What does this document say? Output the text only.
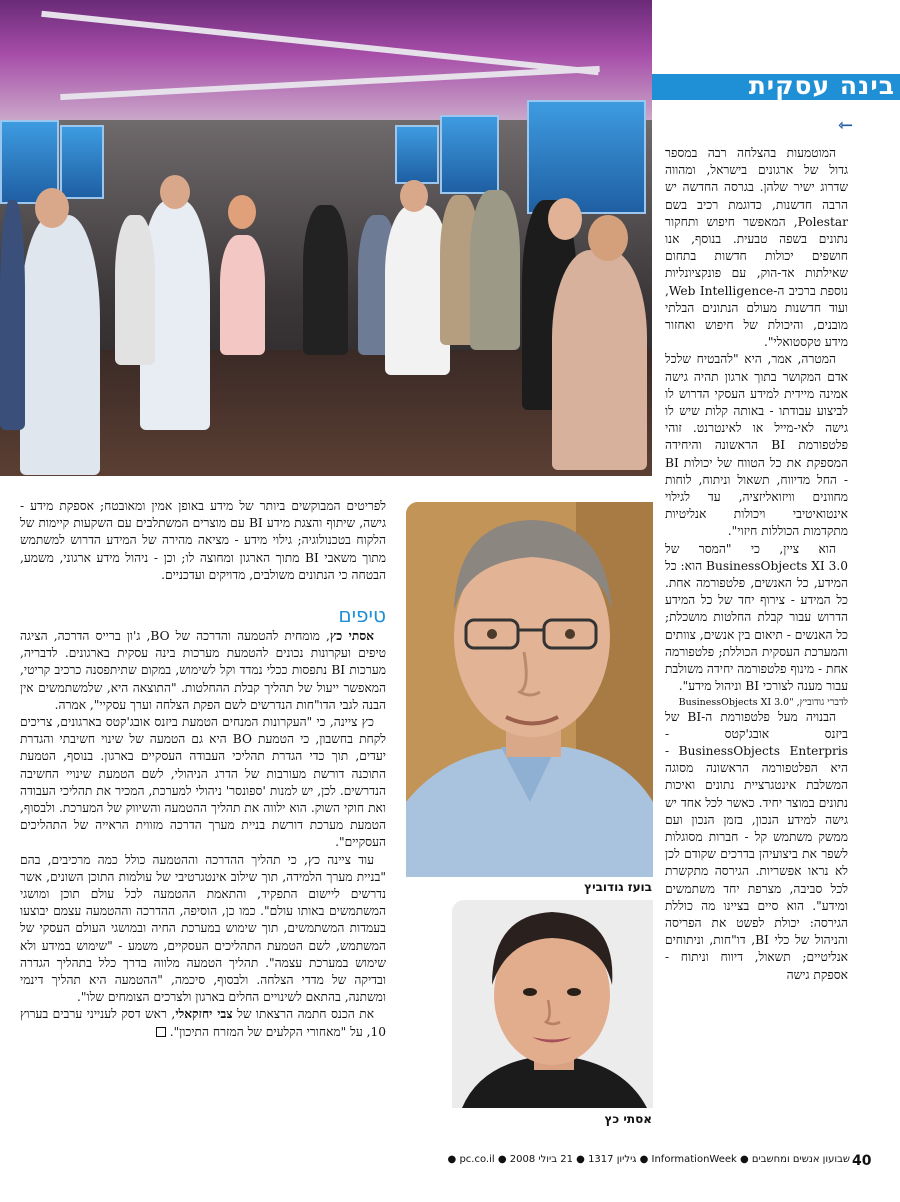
בינה עסקית
⇽

המוטמעות בהצלחה רבה במספר גדול של ארגונים בישראל, ומהווה שדרוג ישיר שלהן. בגרסה החדשה יש הרבה חדשנות, כדוגמת רכיב בשם Polestar, המאפשר חיפוש ותחקור נתונים בשפה טבעית. בנוסף, אנו חושפים יכולות חדשות בתחום שאילתות אד-הוק, עם פונקציונליות נוספת ברכיב ה-Web Intelligence, ועוד חדשנות מעולם הנתונים הבלתי מובנים, והיכולת של חיפוש ואחזור מידע טקסטואלי".

המטרה, אמר, היא "להבטיח שלכל אדם המקושר בתוך ארגון תהיה גישה אמינה מיידית למידע העסקי הדרוש לו לביצוע עבודתו - באותה קלות שיש לו גישה לאי-מייל או לאינטרנט. זוהי פלטפורמת BI הראשונה והיחידה המספקת את כל הטווח של יכולות BI - החל מדיווח, תשאול וניתוח, לוחות מחוונים וויזואליזציה, עד לגילוי אינטואיטיבי ויכולות אנליטיות מתקדמות הכוללות חיזוי".

הוא ציין, כי "המסר של BusinessObjects XI 3.0 הוא: כל המידע, כל האנשים, פלטפורמה אחת. כל המידע - צירוף יחד של כל המידע הדרוש עבור קבלת החלטות מושכלת; כל האנשים - תיאום בין אנשים, צוותים והמערכת העסקית הכוללת; פלטפורמה אחת - מינוף פלטפורמה יחידה משולבת עבור מענה לצורכי BI וניהול מידע".

לדברי גודוביץ, "BusinessObjects XI 3.0

הבנויה מעל פלטפורמת ה-BI של ביזנס אובג'קטס - BusinessObjects Enterpris - היא הפלטפורמה הראשונה מסוגה המשלבת אינטגרציית נתונים ואיכות נתונים במוצר יחיד. כאשר לכל אחד יש גישה למידע הנכון, בזמן הנכון ועם ממשק משתמש קל - חברות מסוגלות לשפר את ביצועיהן בדרכים שקודם לכן לא נראו אפשריות. הגירסה מתקשרת לכל סביבה, מצרפת יחד משתמשים ומידע". הוא סיים בציינו מה כוללת הגירסה: יכולת לפשט את הפריסה והניהול של כלי BI, דו"חות, וניתוחים אנליטיים; תשאול, דיווח וניתוח - אספקת גישה

לפריטים המבוקשים ביותר של מידע באופן אמין ומאובטח; אספקת מידע - גישה, שיתוף והצגת מידע BI עם מוצרים המשתלבים עם השקעות קיימות של הלקוח בטכנולוגיה; גילוי מידע - מציאה מהירה של המידע הדרוש למשתמש מתוך משאבי BI מתוך הארגון ומחוצה לו; וכן - ניהול מידע ארגוני, משמע, הבטחה כי הנתונים משולבים, מדויקים ועדכניים.

טיפים

אסתי כץ, מומחית להטמעה והדרכה של BO, ג'ון ברייס הדרכה, הציגה טיפים ועקרונות נכונים להטמעת מערכות בינה עסקית בארגונים. לדבריה, מערכות BI נתפסות ככלי נמדד וקל לשימוש, במקום שתיתפסנה כרכיב קריטי, המאפשר ייעול של תהליך קבלת ההחלטות. "התוצאה היא, שלמשתמשים אין הבנה לגבי הדו"חות הנדרשים לשם הפקת הצלחה וערך עסקיי", אמרה.

כץ ציינה, כי "העקרונות המנחים הטמעת ביזנס אובג'קטס בארגונים, צריכים לקחת בחשבון, כי הטמעת BO היא גם הטמעה של שינוי חשיבתי והגדרת יעדים, תוך כדי הגדרת תהליכי העבודה העסקיים בארגון. בנוסף, הטמעת התוכנה דורשת מעורבות של הדרג הניהולי, לשם הטמעת שינויי החשיבה הנדרשים. לכן, יש למנות 'ספונסר' ניהולי למערכת, המכיר את תהליכי העבודה ואת חוקי השוק. הוא ילווה את תהליך ההטמעה והשיווק של המערכת. ולבסוף, הטמעת מערכת דורשת בניית מערך הדרכה מזווית הראייה של התהליכים העסקיים".

עוד ציינה כץ, כי תהליך ההדרכה וההטמעה כולל כמה מרכיבים, בהם "בניית מערך הלמידה, תוך שילוב אינטגרטיבי של עולמות התוכן השונים, אשר נדרשים ליישום התפקיד, והתאמת ההטמעה לכל עולם תוכן ומושגי המשתמשים באותו עולם". כמו כן, הוסיפה, ההדרכה וההטמעה עצמם יבוצעו בעמדות המשתמשים, תוך שימוש במערכת החיה ובמושגי העולם העסקי של המשתמש, לשם הטמעת התהליכים העסקיים, משמע - "שימוש במידע ולא שימוש במערכת עצמה". תהליך הטמעה מלווה בדרך כלל בתהליך הגדרה ובדיקה של מדדי הצלחה. ולבסוף, סיכמה, "ההטמעה היא תהליך דינמי ומשתנה, בהתאם לשינויים החלים בארגון ולצרכים הצומחים שלו".

את הכנס חתמה הרצאתו של צבי יחזקאלי, ראש דסק לענייני ערבים בערוץ 10, על "מאחורי הקלעים של המזרח התיכון".

בועז גודוביץ
אסתי כץ
שבועון אנשים ומחשבים ● InformationWeek ● גיליון 1317 ● 21 ביולי 2008 ● pc.co.il ● 40
